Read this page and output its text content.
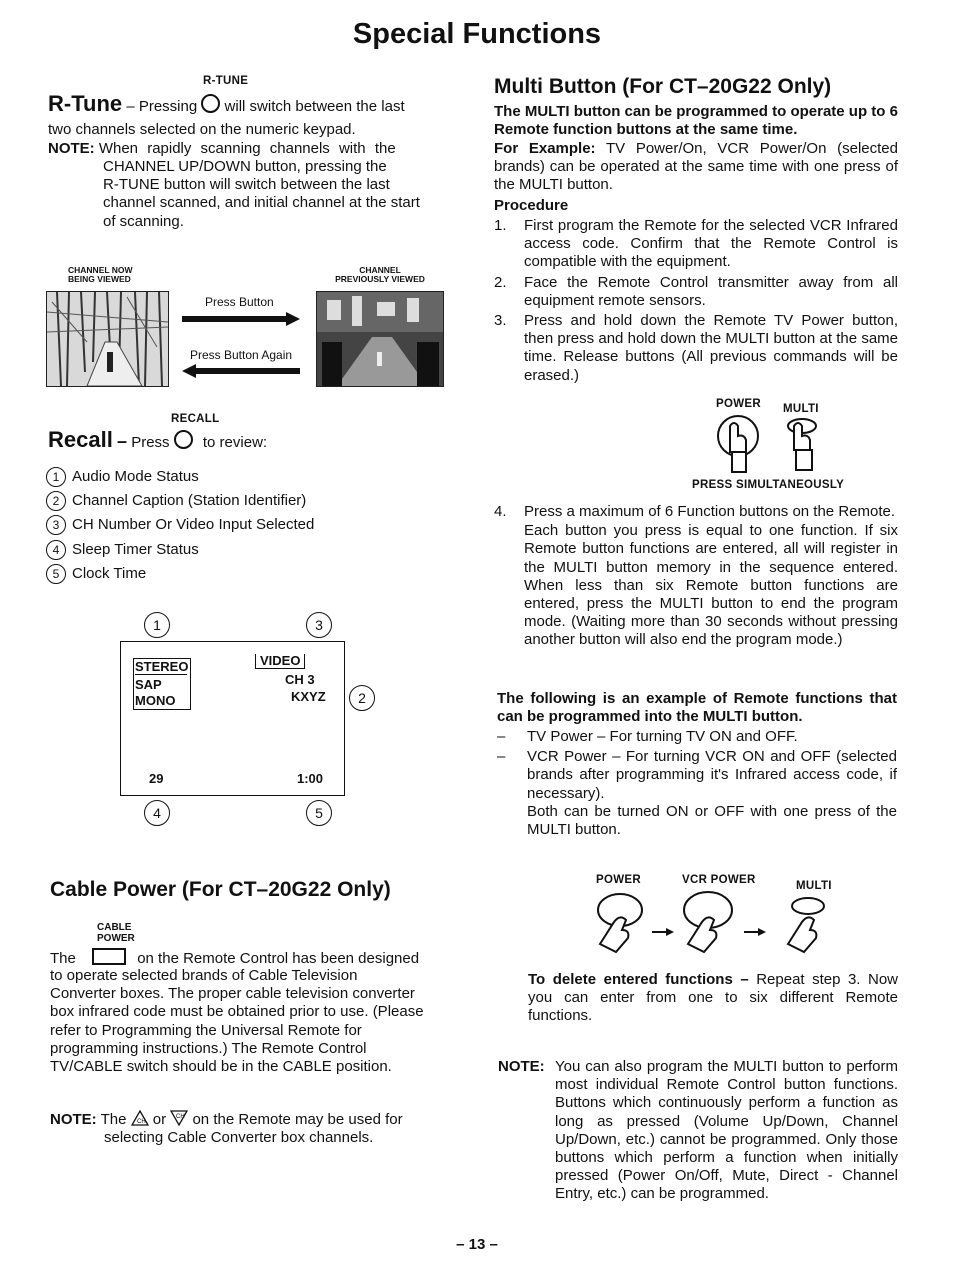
Special Functions
R-TUNE
R-Tune – Pressing will switch between the last
two channels selected on the numeric keypad.
NOTE: When rapidly scanning channels with the
CHANNEL UP/DOWN button, pressing the
R-TUNE button will switch between the last
channel scanned, and initial channel at the start
of scanning.
CHANNEL NOW
BEING VIEWED
CHANNEL
PREVIOUSLY VIEWED
Press Button
Press Button Again
RECALL
Recall – Press to review:
1 Audio Mode Status
2 Channel Caption (Station Identifier)
3 CH Number Or Video Input Selected
4 Sleep Timer Status
5 Clock Time
1	3
2
4	5
STEREO
SAP
MONO
VIDEO
CH 3
KXYZ
29	1:00
Cable Power (For CT–20G22 Only)
CABLE
POWER
The	on the Remote Control has been designed
to operate selected brands of Cable Television
Converter boxes. The proper cable television converter
box infrared code must be obtained prior to use. (Please
refer to Programming the Universal Remote for
programming instructions.) The Remote Control
TV/CABLE switch should be in the CABLE position.
NOTE: The CH or CH on the Remote may be used for
selecting Cable Converter box channels.
Multi Button (For CT–20G22 Only)
The MULTI button can be programmed to operate up to 6 Remote function buttons at the same time.
For Example: TV Power/On, VCR Power/On (selected brands) can be operated at the same time with one press of the MULTI button.
Procedure
1.	First program the Remote for the selected VCR Infrared access code. Confirm that the Remote Control is compatible with the equipment.
2.	Face the Remote Control transmitter away from all equipment remote sensors.
3.	Press and hold down the Remote TV Power button, then press and hold down the MULTI button at the same time. Release buttons (All previous commands will be erased.)
POWER MULTI
PRESS SIMULTANEOUSLY
4.	Press a maximum of 6 Function buttons on the Remote.
Each button you press is equal to one function. If six Remote button functions are entered, all will register in the MULTI button memory in the sequence entered. When less than six Remote button functions are entered, press the MULTI button to end the program mode. (Waiting more than 30 seconds without pressing another button will also end the program mode.)
The following is an example of Remote functions that can be programmed into the MULTI button.
–	TV Power – For turning TV ON and OFF.
–	VCR Power – For turning VCR ON and OFF (selected brands after programming it's Infrared access code, if necessary).
Both can be turned ON or OFF with one press of the MULTI button.
POWER	VCR POWER	MULTI
To delete entered functions – Repeat step 3. Now you can enter from one to six different Remote functions.
NOTE: You can also program the MULTI button to perform most individual Remote Control button functions. Buttons which continuously perform a function as long as pressed (Volume Up/Down, Channel Up/Down, etc.) cannot be programmed. Only those buttons which perform a function when initially pressed (Power On/Off, Mute, Direct - Channel Entry, etc.) can be programmed.
– 13 –
